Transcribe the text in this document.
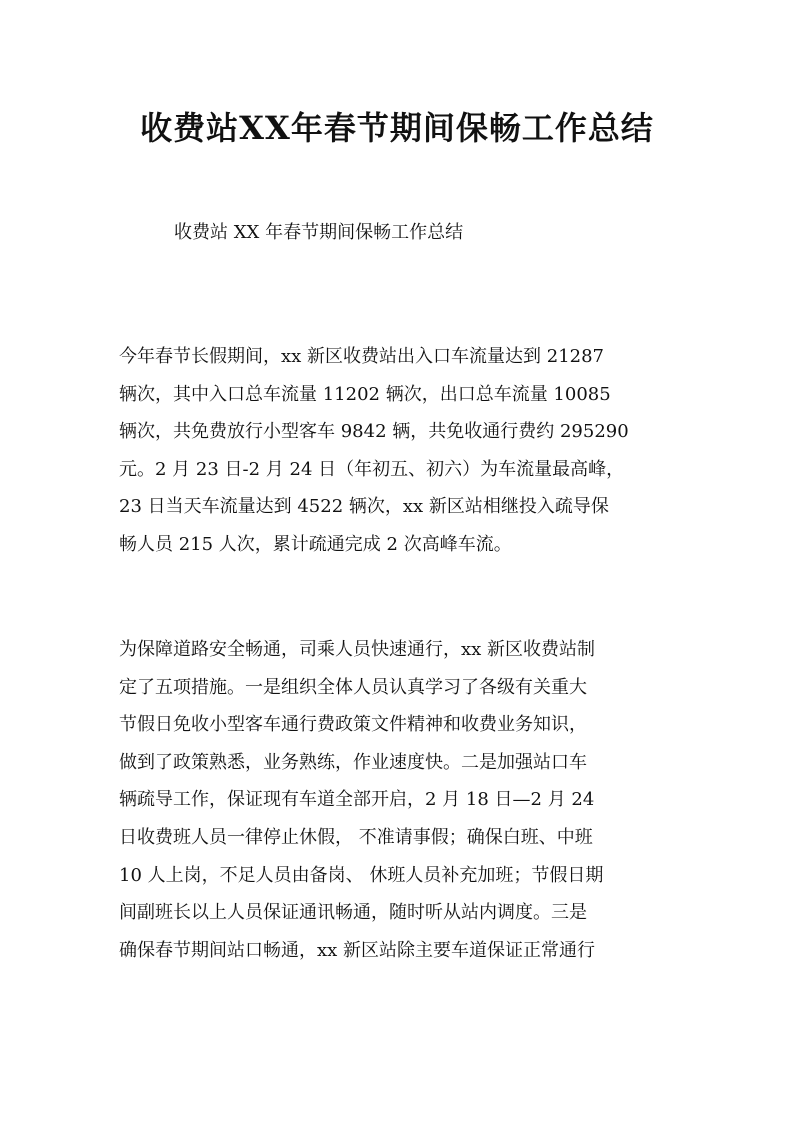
收费站XX年春节期间保畅工作总结

收费站 XX 年春节期间保畅工作总结

今年春节长假期间，xx 新区收费站出入口车流量达到 21287
辆次，其中入口总车流量 11202 辆次，出口总车流量 10085
辆次，共免费放行小型客车 9842 辆，共免收通行费约 295290
元。2 月 23 日-2 月 24 日（年初五、初六）为车流量最高峰，
23 日当天车流量达到 4522 辆次，xx 新区站相继投入疏导保
畅人员 215 人次，累计疏通完成 2 次高峰车流。
为保障道路安全畅通，司乘人员快速通行，xx 新区收费站制
定了五项措施。一是组织全体人员认真学习了各级有关重大
节假日免收小型客车通行费政策文件精神和收费业务知识，
做到了政策熟悉，业务熟练，作业速度快。二是加强站口车
辆疏导工作，保证现有车道全部开启，2 月 18 日—2 月 24
日收费班人员一律停止休假， 不准请事假；确保白班、中班
10 人上岗，不足人员由备岗、 休班人员补充加班；节假日期
间副班长以上人员保证通讯畅通，随时听从站内调度。三是
确保春节期间站口畅通，xx 新区站除主要车道保证正常通行
